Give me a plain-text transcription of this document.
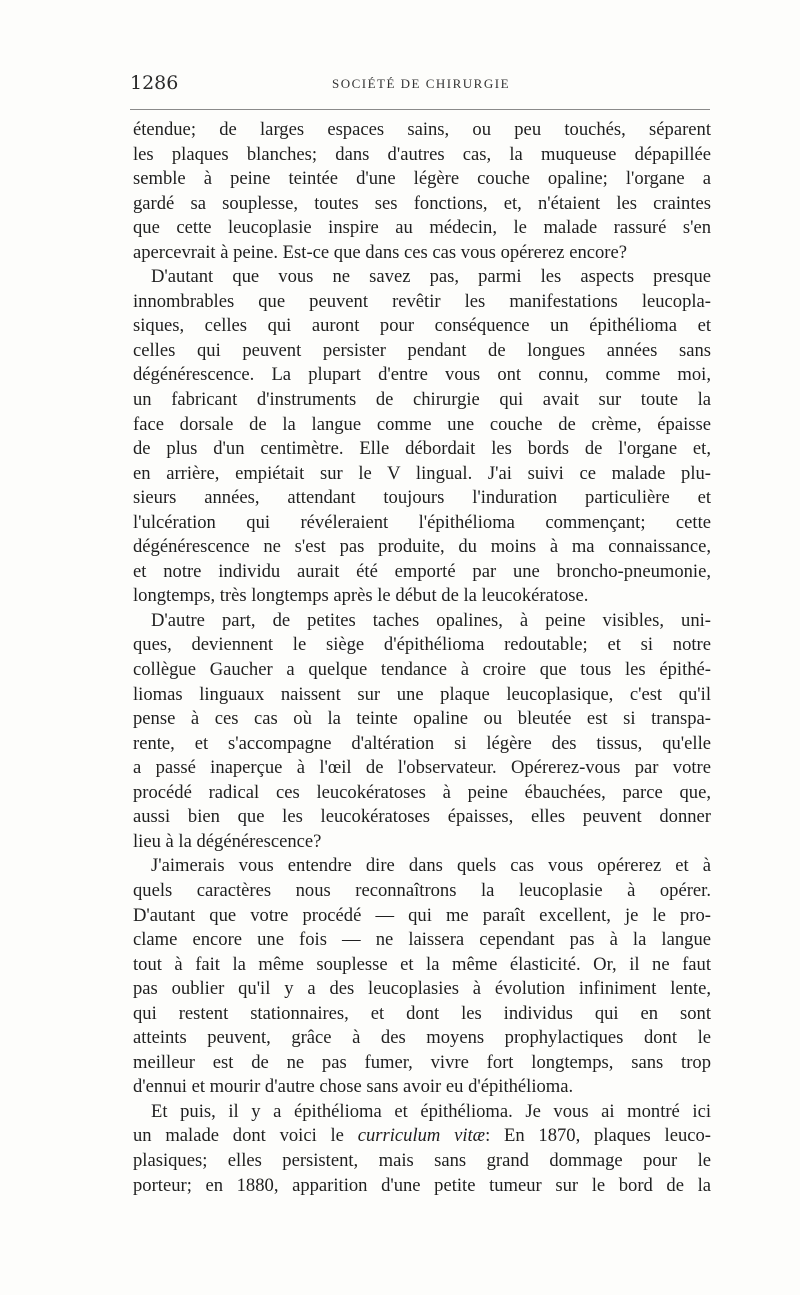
1286	SOCIÉTÉ DE CHIRURGIE
étendue; de larges espaces sains, ou peu touchés, séparent
les plaques blanches; dans d'autres cas, la muqueuse dépapillée
semble à peine teintée d'une légère couche opaline; l'organe a
gardé sa souplesse, toutes ses fonctions, et, n'étaient les craintes
que cette leucoplasie inspire au médecin, le malade rassuré s'en
apercevrait à peine. Est-ce que dans ces cas vous opérerez encore?
D'autant que vous ne savez pas, parmi les aspects presque
innombrables que peuvent revêtir les manifestations leucopla-
siques, celles qui auront pour conséquence un épithélioma et
celles qui peuvent persister pendant de longues années sans
dégénérescence. La plupart d'entre vous ont connu, comme moi,
un fabricant d'instruments de chirurgie qui avait sur toute la
face dorsale de la langue comme une couche de crème, épaisse
de plus d'un centimètre. Elle débordait les bords de l'organe et,
en arrière, empiétait sur le V lingual. J'ai suivi ce malade plu-
sieurs années, attendant toujours l'induration particulière et
l'ulcération qui révéleraient l'épithélioma commençant; cette
dégénérescence ne s'est pas produite, du moins à ma connaissance,
et notre individu aurait été emporté par une broncho-pneumonie,
longtemps, très longtemps après le début de la leucokératose.
D'autre part, de petites taches opalines, à peine visibles, uni-
ques, deviennent le siège d'épithélioma redoutable; et si notre
collègue Gaucher a quelque tendance à croire que tous les épithé-
liomas linguaux naissent sur une plaque leucoplasique, c'est qu'il
pense à ces cas où la teinte opaline ou bleutée est si transpa-
rente, et s'accompagne d'altération si légère des tissus, qu'elle
a passé inaperçue à l'œil de l'observateur. Opérerez-vous par votre
procédé radical ces leucokératoses à peine ébauchées, parce que,
aussi bien que les leucokératoses épaisses, elles peuvent donner
lieu à la dégénérescence?
J'aimerais vous entendre dire dans quels cas vous opérerez et à
quels caractères nous reconnaîtrons la leucoplasie à opérer.
D'autant que votre procédé — qui me paraît excellent, je le pro-
clame encore une fois — ne laissera cependant pas à la langue
tout à fait la même souplesse et la même élasticité. Or, il ne faut
pas oublier qu'il y a des leucoplasies à évolution infiniment lente,
qui restent stationnaires, et dont les individus qui en sont
atteints peuvent, grâce à des moyens prophylactiques dont le
meilleur est de ne pas fumer, vivre fort longtemps, sans trop
d'ennui et mourir d'autre chose sans avoir eu d'épithélioma.
Et puis, il y a épithélioma et épithélioma. Je vous ai montré ici
un malade dont voici le curriculum vitæ: En 1870, plaques leuco-
plasiques; elles persistent, mais sans grand dommage pour le
porteur; en 1880, apparition d'une petite tumeur sur le bord de la
